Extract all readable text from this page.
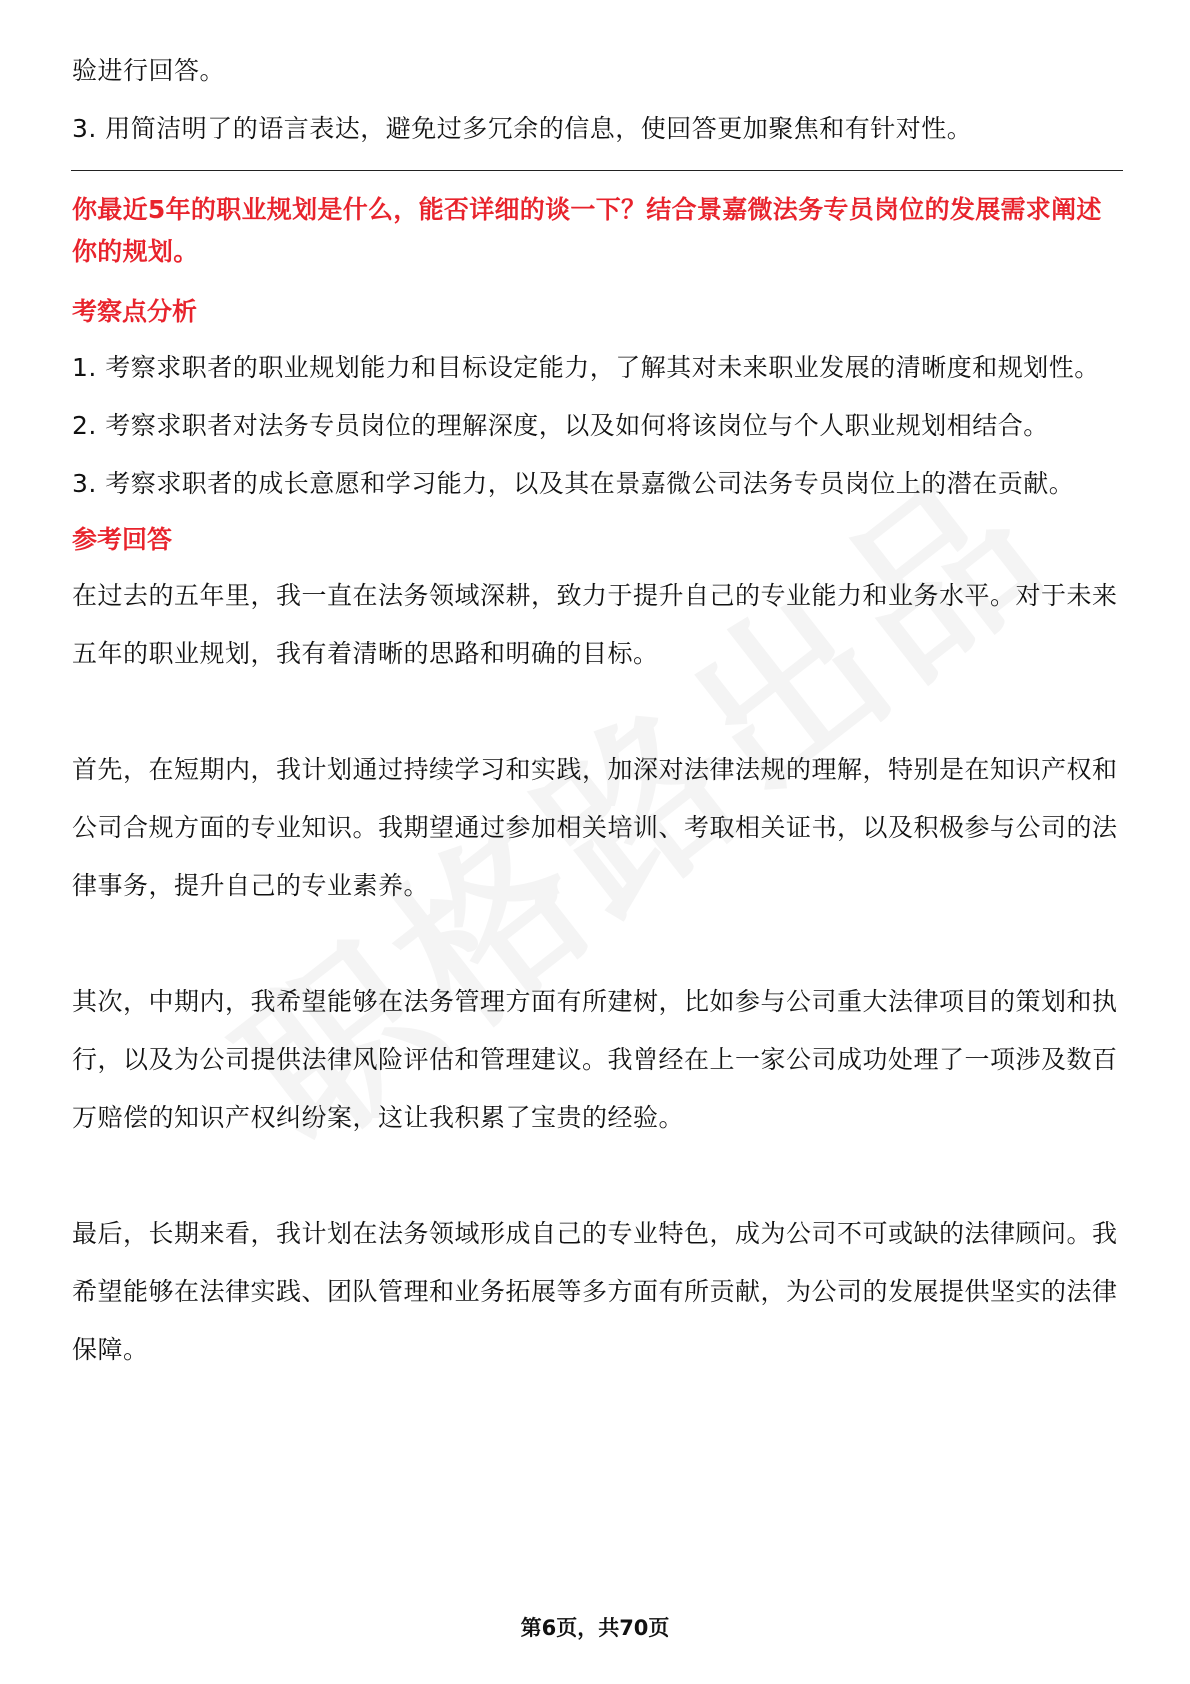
验进行回答。

3. 用简洁明了的语言表达，避免过多冗余的信息，使回答更加聚焦和有针对性。

你最近5年的职业规划是什么，能否详细的谈一下？结合景嘉微法务专员岗位的发展需求阐述你的规划。

考察点分析

1. 考察求职者的职业规划能力和目标设定能力，了解其对未来职业发展的清晰度和规划性。

2. 考察求职者对法务专员岗位的理解深度，以及如何将该岗位与个人职业规划相结合。

3. 考察求职者的成长意愿和学习能力，以及其在景嘉微公司法务专员岗位上的潜在贡献。

参考回答

在过去的五年里，我一直在法务领域深耕，致力于提升自己的专业能力和业务水平。对于未来五年的职业规划，我有着清晰的思路和明确的目标。

首先，在短期内，我计划通过持续学习和实践，加深对法律法规的理解，特别是在知识产权和公司合规方面的专业知识。我期望通过参加相关培训、考取相关证书，以及积极参与公司的法律事务，提升自己的专业素养。

其次，中期内，我希望能够在法务管理方面有所建树，比如参与公司重大法律项目的策划和执行，以及为公司提供法律风险评估和管理建议。我曾经在上一家公司成功处理了一项涉及数百万赔偿的知识产权纠纷案，这让我积累了宝贵的经验。

最后，长期来看，我计划在法务领域形成自己的专业特色，成为公司不可或缺的法律顾问。我希望能够在法律实践、团队管理和业务拓展等多方面有所贡献，为公司的发展提供坚实的法律保障。

第6页，共70页
